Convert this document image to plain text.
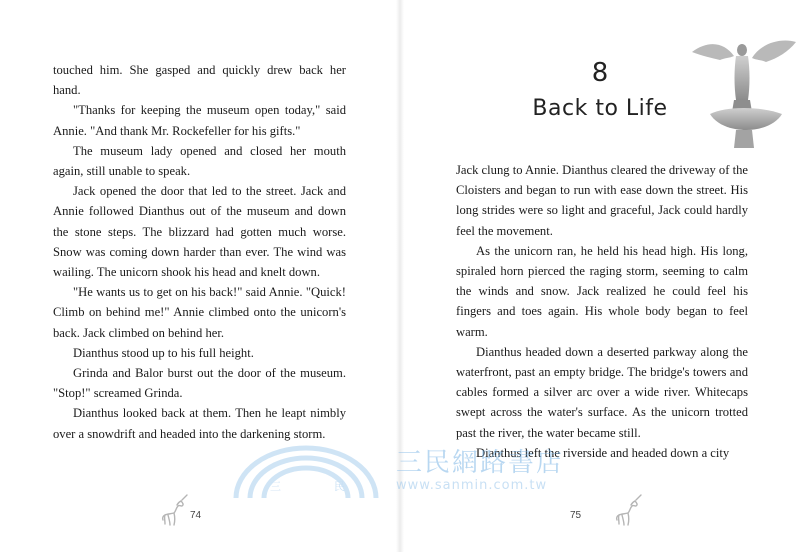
touched him. She gasped and quickly drew back her hand.

"Thanks for keeping the museum open today," said Annie. "And thank Mr. Rockefeller for his gifts."

The museum lady opened and closed her mouth again, still unable to speak.

Jack opened the door that led to the street. Jack and Annie followed Dianthus out of the museum and down the stone steps. The blizzard had gotten much worse. Snow was coming down harder than ever. The wind was wailing. The unicorn shook his head and knelt down.

"He wants us to get on his back!" said Annie. "Quick! Climb on behind me!" Annie climbed onto the unicorn's back. Jack climbed on behind her.

Dianthus stood up to his full height.

Grinda and Balor burst out the door of the museum. "Stop!" screamed Grinda.

Dianthus looked back at them. Then he leapt nimbly over a snowdrift and headed into the darkening storm.

74
8
Back to Life

Jack clung to Annie. Dianthus cleared the driveway of the Cloisters and began to run with ease down the street. His long strides were so light and graceful, Jack could hardly feel the movement.

As the unicorn ran, he held his head high. His long, spiraled horn pierced the raging storm, seeming to calm the winds and snow. Jack realized he could feel his fingers and toes again. His whole body began to feel warm.

Dianthus headed down a deserted parkway along the waterfront, past an empty bridge. The bridge's towers and cables formed a silver arc over a wide river. Whitecaps swept across the water's surface. As the unicorn trotted past the river, the water became still.

Dianthus left the riverside and headed down a city

75
三	民
三民網路書店
www.sanmin.com.tw
